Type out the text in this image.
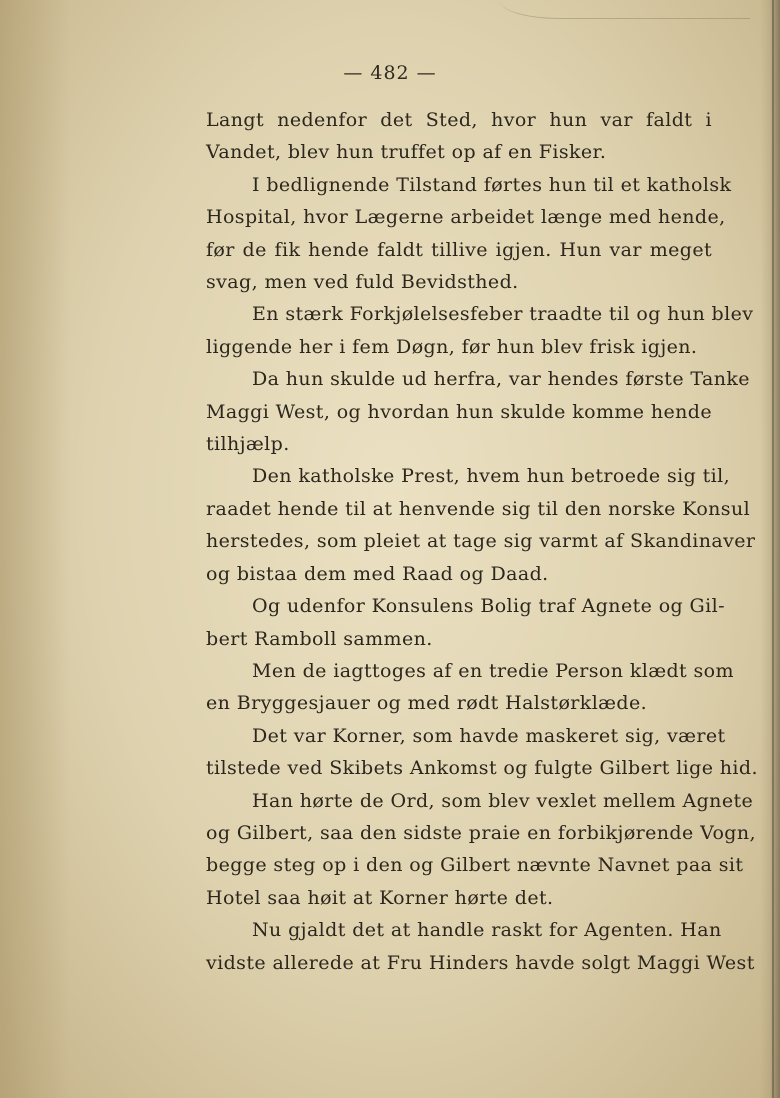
— 482 —
Langt nedenfor det Sted, hvor hun var faldt i
Vandet, blev hun truffet op af en Fisker.
I bedlignende Tilstand førtes hun til et katholsk
Hospital, hvor Lægerne arbeidet længe med hende,
før de fik hende faldt tillive igjen. Hun var meget
svag, men ved fuld Bevidsthed.
En stærk Forkjølelsesfeber traadte til og hun blev
liggende her i fem Døgn, før hun blev frisk igjen.
Da hun skulde ud herfra, var hendes første Tanke
Maggi West, og hvordan hun skulde komme hende
tilhjælp.
Den katholske Prest, hvem hun betroede sig til,
raadet hende til at henvende sig til den norske Konsul
herstedes, som pleiet at tage sig varmt af Skandinaver
og bistaa dem med Raad og Daad.
Og udenfor Konsulens Bolig traf Agnete og Gil-
bert Ramboll sammen.
Men de iagttoges af en tredie Person klædt som
en Bryggesjauer og med rødt Halstørklæde.
Det var Korner, som havde maskeret sig, været
tilstede ved Skibets Ankomst og fulgte Gilbert lige hid.
Han hørte de Ord, som blev vexlet mellem Agnete
og Gilbert, saa den sidste praie en forbikjørende Vogn,
begge steg op i den og Gilbert nævnte Navnet paa sit
Hotel saa høit at Korner hørte det.
Nu gjaldt det at handle raskt for Agenten. Han
vidste allerede at Fru Hinders havde solgt Maggi West
